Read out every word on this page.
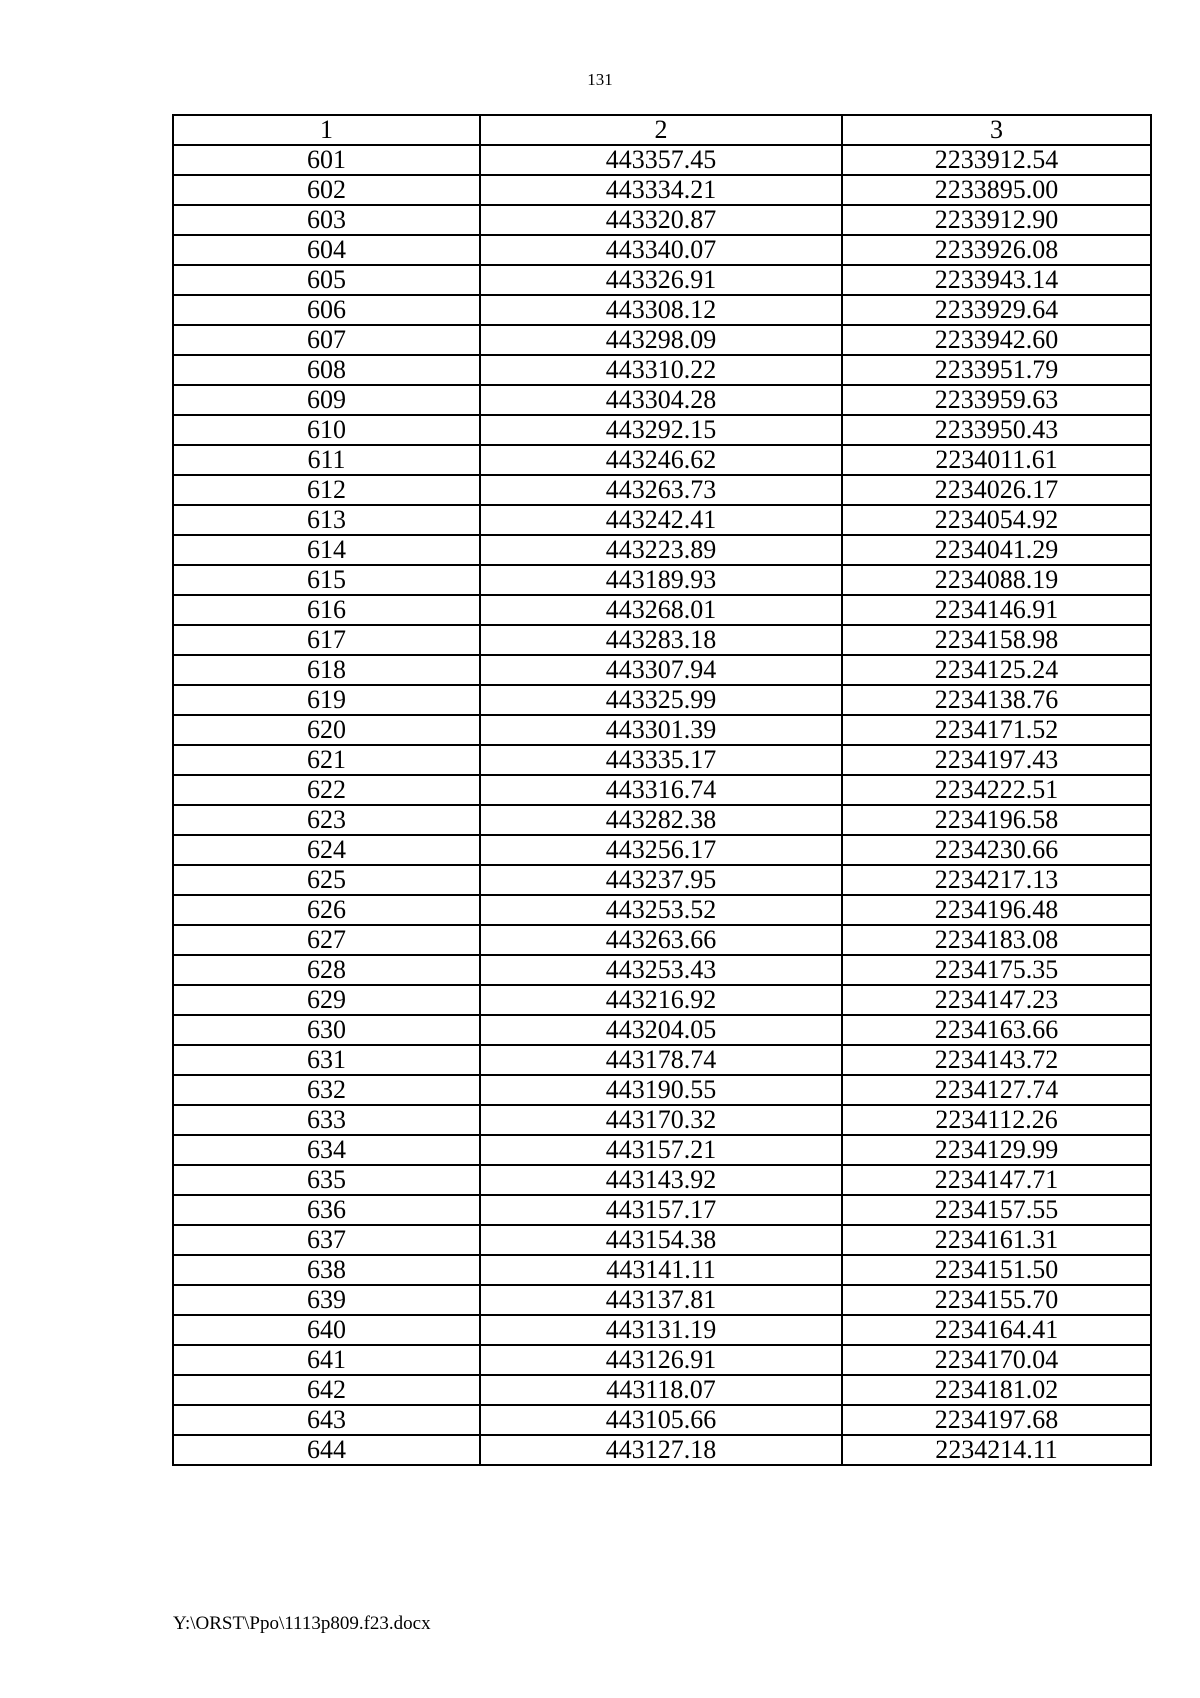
131
1	2	3
601	443357.45	2233912.54
602	443334.21	2233895.00
603	443320.87	2233912.90
604	443340.07	2233926.08
605	443326.91	2233943.14
606	443308.12	2233929.64
607	443298.09	2233942.60
608	443310.22	2233951.79
609	443304.28	2233959.63
610	443292.15	2233950.43
611	443246.62	2234011.61
612	443263.73	2234026.17
613	443242.41	2234054.92
614	443223.89	2234041.29
615	443189.93	2234088.19
616	443268.01	2234146.91
617	443283.18	2234158.98
618	443307.94	2234125.24
619	443325.99	2234138.76
620	443301.39	2234171.52
621	443335.17	2234197.43
622	443316.74	2234222.51
623	443282.38	2234196.58
624	443256.17	2234230.66
625	443237.95	2234217.13
626	443253.52	2234196.48
627	443263.66	2234183.08
628	443253.43	2234175.35
629	443216.92	2234147.23
630	443204.05	2234163.66
631	443178.74	2234143.72
632	443190.55	2234127.74
633	443170.32	2234112.26
634	443157.21	2234129.99
635	443143.92	2234147.71
636	443157.17	2234157.55
637	443154.38	2234161.31
638	443141.11	2234151.50
639	443137.81	2234155.70
640	443131.19	2234164.41
641	443126.91	2234170.04
642	443118.07	2234181.02
643	443105.66	2234197.68
644	443127.18	2234214.11
Y:\ORST\Ppo\1113p809.f23.docx
